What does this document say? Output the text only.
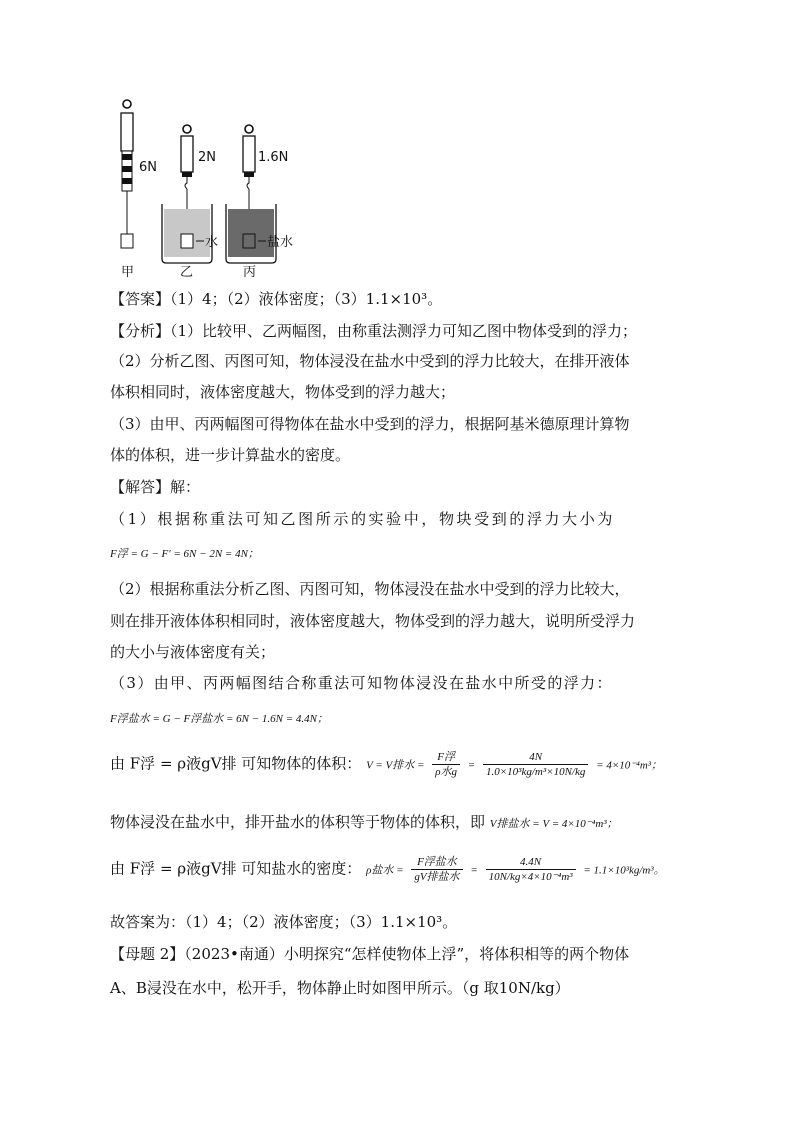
6N
甲
2N
水
乙
1.6N
盐水
丙
【答案】（1）4；（2）液体密度；（3）1.1×10³。
【分析】（1）比较甲、乙两幅图，由称重法测浮力可知乙图中物体受到的浮力；
（2）分析乙图、丙图可知，物体浸没在盐水中受到的浮力比较大，在排开液体
体积相同时，液体密度越大，物体受到的浮力越大；
（3）由甲、丙两幅图可得物体在盐水中受到的浮力，根据阿基米德原理计算物
体的体积，进一步计算盐水的密度。
【解答】解：
（1）根据称重法可知乙图所示的实验中，物块受到的浮力大小为
F浮 = G − F′ = 6N − 2N = 4N；
（2）根据称重法分析乙图、丙图可知，物体浸没在盐水中受到的浮力比较大，
则在排开液体体积相同时，液体密度越大，物体受到的浮力越大，说明所受浮力
的大小与液体密度有关；
（3）由甲、丙两幅图结合称重法可知物体浸没在盐水中所受的浮力：
F浮盐水 = G − F浮盐水 = 6N − 1.6N = 4.4N；
由 F浮 = ρ液gV排 可知物体的体积： V = V排水 = $\frac{\text{F浮}}{\text{ρ水g}} = \frac{4N}{\text{1.0×10³kg/m³×10N/kg}} = 4\times 10^{-4}m^3$；
物体浸没在盐水中，排开盐水的体积等于物体的体积，即 V排盐水 = V = 4×10⁻⁴m³；
由 F浮 = ρ液gV排 可知盐水的密度： ρ盐水 = $\frac{\text{F浮盐水}}{\text{gV排盐水}} = \frac{4.4N}{\text{10N/kg×4×10⁻⁴m³}} = 1.1\times 10^3kg/m^3$。
故答案为：（1）4；（2）液体密度；（3）1.1×10³。
【母题 2】（2023•南通）小明探究“怎样使物体上浮”，将体积相等的两个物体
A、B浸没在水中，松开手，物体静止时如图甲所示。（g 取10N/kg）
